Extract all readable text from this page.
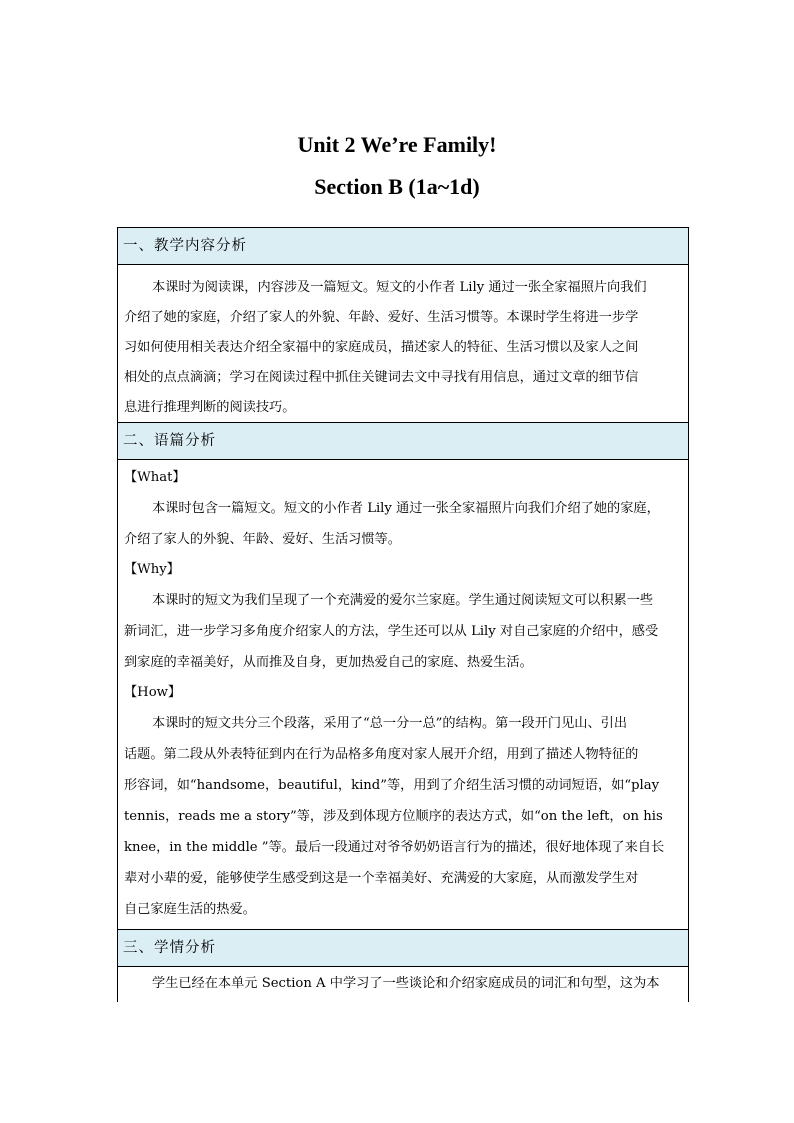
Unit 2 We’re Family!
Section B (1a~1d)
一、教学内容分析

本课时为阅读课，内容涉及一篇短文。短文的小作者 Lily 通过一张全家福照片向我们

介绍了她的家庭，介绍了家人的外貌、年龄、爱好、生活习惯等。本课时学生将进一步学

习如何使用相关表达介绍全家福中的家庭成员，描述家人的特征、生活习惯以及家人之间

相处的点点滴滴；学习在阅读过程中抓住关键词去文中寻找有用信息，通过文章的细节信

息进行推理判断的阅读技巧。

二、语篇分析

【What】

本课时包含一篇短文。短文的小作者 Lily 通过一张全家福照片向我们介绍了她的家庭，

介绍了家人的外貌、年龄、爱好、生活习惯等。

【Why】

本课时的短文为我们呈现了一个充满爱的爱尔兰家庭。学生通过阅读短文可以积累一些

新词汇，进一步学习多角度介绍家人的方法，学生还可以从 Lily 对自己家庭的介绍中，感受

到家庭的幸福美好，从而推及自身，更加热爱自己的家庭、热爱生活。

【How】

本课时的短文共分三个段落，采用了“总一分一总”的结构。第一段开门见山、引出

话题。第二段从外表特征到内在行为品格多角度对家人展开介绍，用到了描述人物特征的

形容词，如“handsome，beautiful，kind”等，用到了介绍生活习惯的动词短语，如“play

tennis，reads me a story”等，涉及到体现方位顺序的表达方式，如“on the left，on his

knee，in the middle ”等。最后一段通过对爷爷奶奶语言行为的描述，很好地体现了来自长

辈对小辈的爱，能够使学生感受到这是一个幸福美好、充满爱的大家庭，从而激发学生对

自己家庭生活的热爱。

三、学情分析

学生已经在本单元 Section A 中学习了一些谈论和介绍家庭成员的词汇和句型，这为本
